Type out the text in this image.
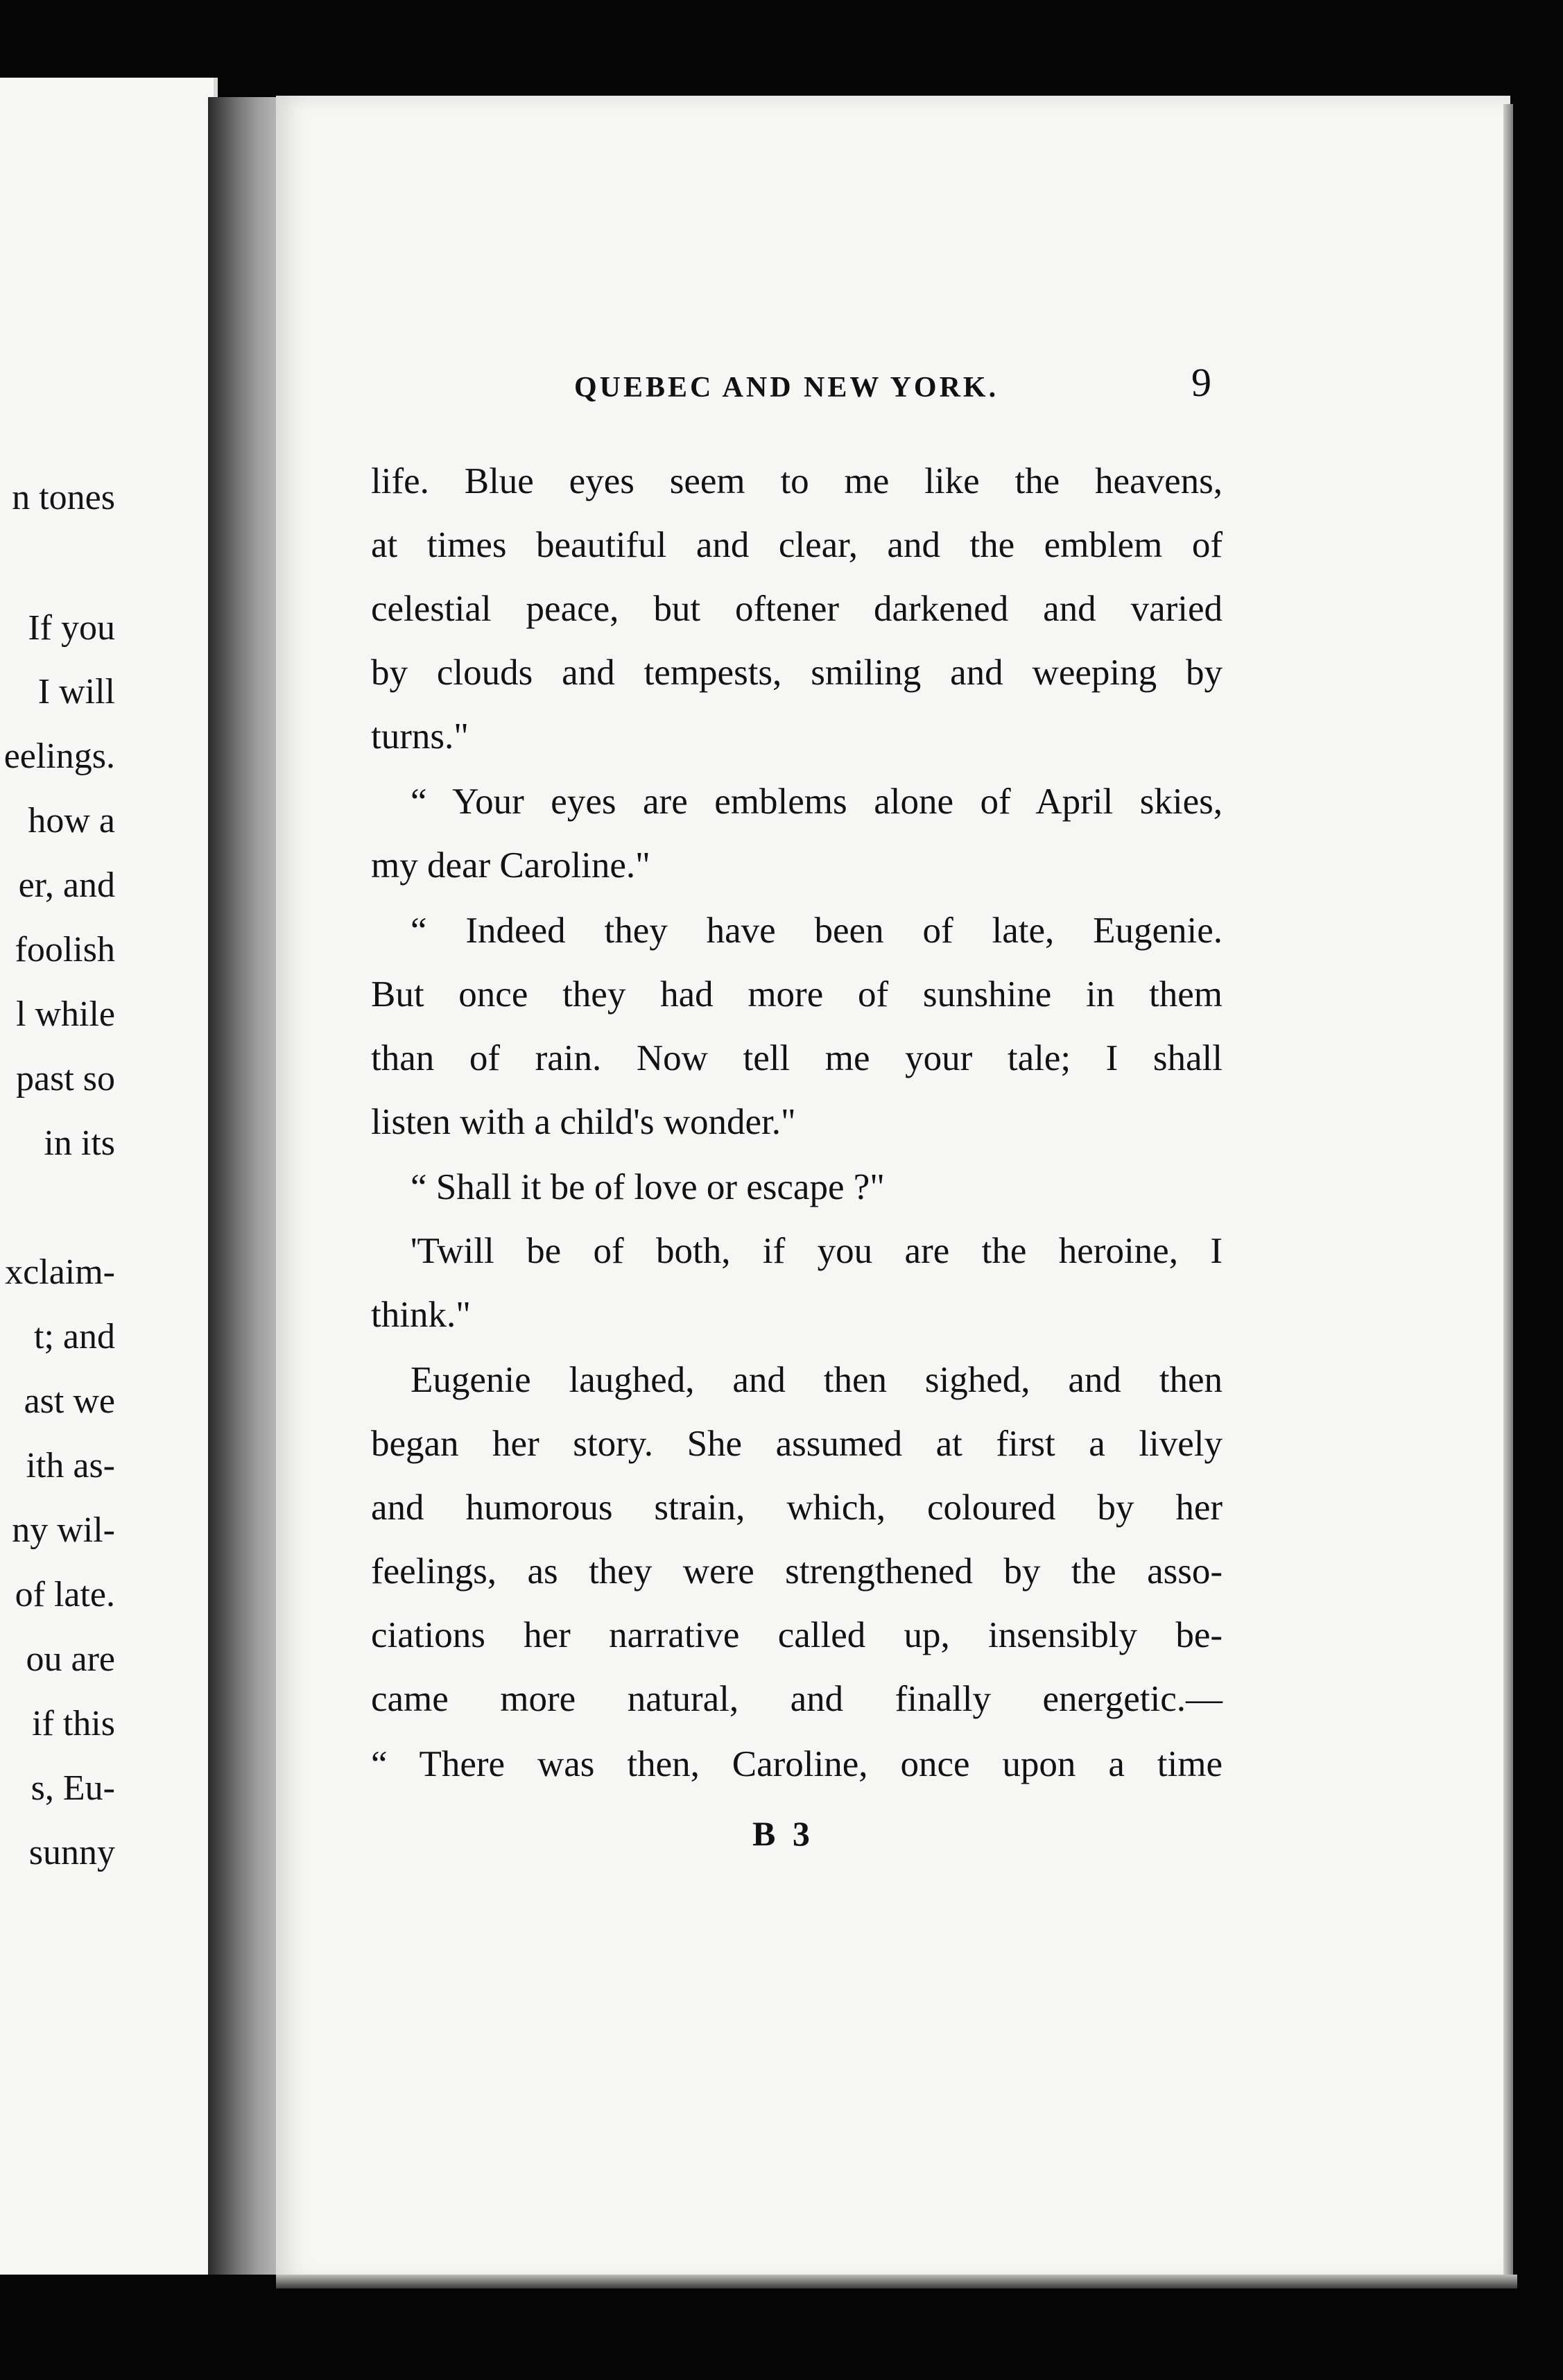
n tones
If you
I will
eelings.
how a
er, and
foolish
l while
past so
in its
xclaim-
t; and
ast we
ith as-
ny wil-
of late.
ou are
if this
s, Eu-
sunny
QUEBEC AND NEW YORK.	9
life. Blue eyes seem to me like the heavens,
at times beautiful and clear, and the emblem of
celestial peace, but oftener darkened and varied
by clouds and tempests, smiling and weeping by
turns."
“ Your eyes are emblems alone of April skies,
my dear Caroline."
“ Indeed they have been of late, Eugenie.
But once they had more of sunshine in them
than of rain. Now tell me your tale; I shall
listen with a child's wonder."
“ Shall it be of love or escape ?"
'Twill be of both, if you are the heroine, I
think."
Eugenie laughed, and then sighed, and then
began her story. She assumed at first a lively
and humorous strain, which, coloured by her
feelings, as they were strengthened by the asso-
ciations her narrative called up, insensibly be-
came more natural, and finally energetic.—
“ There was then, Caroline, once upon a time
B 3
